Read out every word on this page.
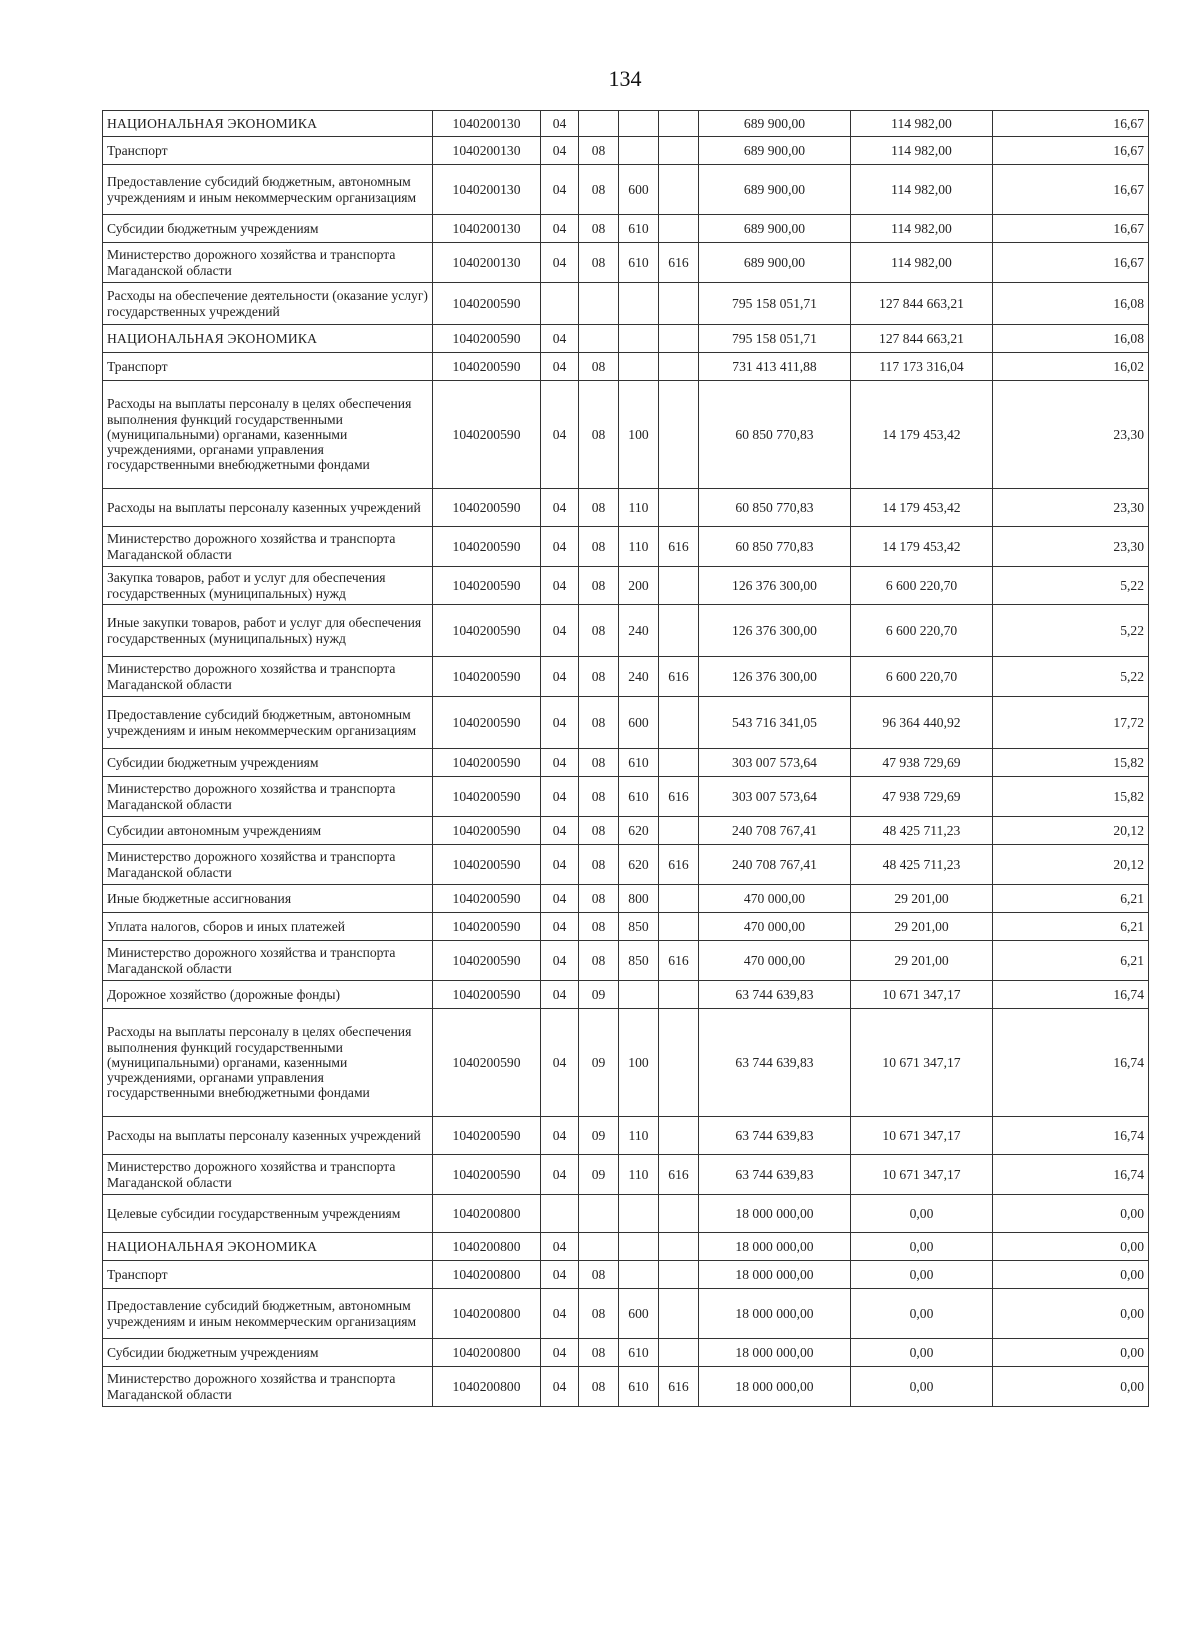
134
НАЦИОНАЛЬНАЯ ЭКОНОМИКА	1040200130	04				689 900,00	114 982,00	16,67
Транспорт	1040200130	04	08			689 900,00	114 982,00	16,67
Предоставление субсидий бюджетным, автономным учреждениям и иным некоммерческим организациям	1040200130	04	08	600		689 900,00	114 982,00	16,67
Субсидии бюджетным учреждениям	1040200130	04	08	610		689 900,00	114 982,00	16,67
Министерство дорожного хозяйства и транспорта Магаданской области	1040200130	04	08	610	616	689 900,00	114 982,00	16,67
Расходы на обеспечение деятельности (оказание услуг) государственных учреждений	1040200590					795 158 051,71	127 844 663,21	16,08
НАЦИОНАЛЬНАЯ ЭКОНОМИКА	1040200590	04				795 158 051,71	127 844 663,21	16,08
Транспорт	1040200590	04	08			731 413 411,88	117 173 316,04	16,02
Расходы на выплаты персоналу в целях обеспечения выполнения функций государственными (муниципальными) органами, казенными учреждениями, органами управления государственными внебюджетными фондами	1040200590	04	08	100		60 850 770,83	14 179 453,42	23,30
Расходы на выплаты персоналу казенных учреждений	1040200590	04	08	110		60 850 770,83	14 179 453,42	23,30
Министерство дорожного хозяйства и транспорта Магаданской области	1040200590	04	08	110	616	60 850 770,83	14 179 453,42	23,30
Закупка товаров, работ и услуг для обеспечения государственных (муниципальных) нужд	1040200590	04	08	200		126 376 300,00	6 600 220,70	5,22
Иные закупки товаров, работ и услуг для обеспечения государственных (муниципальных) нужд	1040200590	04	08	240		126 376 300,00	6 600 220,70	5,22
Министерство дорожного хозяйства и транспорта Магаданской области	1040200590	04	08	240	616	126 376 300,00	6 600 220,70	5,22
Предоставление субсидий бюджетным, автономным учреждениям и иным некоммерческим организациям	1040200590	04	08	600		543 716 341,05	96 364 440,92	17,72
Субсидии бюджетным учреждениям	1040200590	04	08	610		303 007 573,64	47 938 729,69	15,82
Министерство дорожного хозяйства и транспорта Магаданской области	1040200590	04	08	610	616	303 007 573,64	47 938 729,69	15,82
Субсидии автономным учреждениям	1040200590	04	08	620		240 708 767,41	48 425 711,23	20,12
Министерство дорожного хозяйства и транспорта Магаданской области	1040200590	04	08	620	616	240 708 767,41	48 425 711,23	20,12
Иные бюджетные ассигнования	1040200590	04	08	800		470 000,00	29 201,00	6,21
Уплата налогов, сборов и иных платежей	1040200590	04	08	850		470 000,00	29 201,00	6,21
Министерство дорожного хозяйства и транспорта Магаданской области	1040200590	04	08	850	616	470 000,00	29 201,00	6,21
Дорожное хозяйство (дорожные фонды)	1040200590	04	09			63 744 639,83	10 671 347,17	16,74
Расходы на выплаты персоналу в целях обеспечения выполнения функций государственными (муниципальными) органами, казенными учреждениями, органами управления государственными внебюджетными фондами	1040200590	04	09	100		63 744 639,83	10 671 347,17	16,74
Расходы на выплаты персоналу казенных учреждений	1040200590	04	09	110		63 744 639,83	10 671 347,17	16,74
Министерство дорожного хозяйства и транспорта Магаданской области	1040200590	04	09	110	616	63 744 639,83	10 671 347,17	16,74
Целевые субсидии государственным учреждениям	1040200800					18 000 000,00	0,00	0,00
НАЦИОНАЛЬНАЯ ЭКОНОМИКА	1040200800	04				18 000 000,00	0,00	0,00
Транспорт	1040200800	04	08			18 000 000,00	0,00	0,00
Предоставление субсидий бюджетным, автономным учреждениям и иным некоммерческим организациям	1040200800	04	08	600		18 000 000,00	0,00	0,00
Субсидии бюджетным учреждениям	1040200800	04	08	610		18 000 000,00	0,00	0,00
Министерство дорожного хозяйства и транспорта Магаданской области	1040200800	04	08	610	616	18 000 000,00	0,00	0,00
